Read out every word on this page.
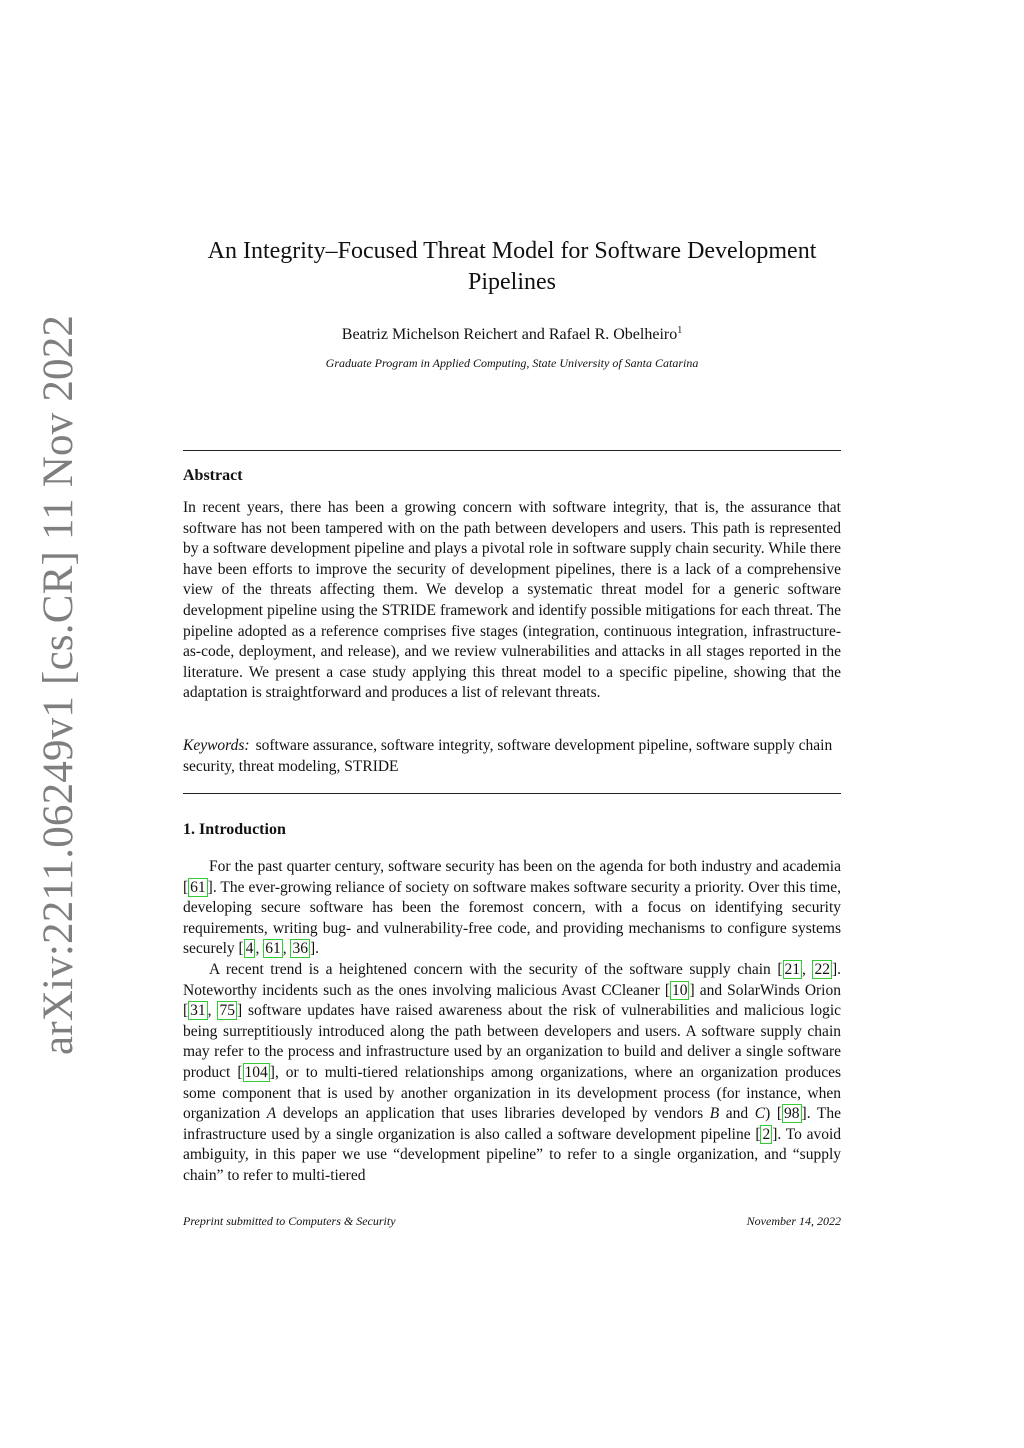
arXiv:2211.06249v1 [cs.CR] 11 Nov 2022
An Integrity–Focused Threat Model for Software Development
Pipelines
Beatriz Michelson Reichert and Rafael R. Obelheiro$^1$
Graduate Program in Applied Computing, State University of Santa Catarina
Abstract
In recent years, there has been a growing concern with software integrity, that is, the assurance that software has not been tampered with on the path between developers and users. This path is represented by a software development pipeline and plays a pivotal role in software supply chain security. While there have been efforts to improve the security of development pipelines, there is a lack of a comprehensive view of the threats affecting them. We develop a systematic threat model for a generic software development pipeline using the STRIDE framework and identify possible mitigations for each threat. The pipeline adopted as a reference comprises five stages (integration, continuous integration, infrastructure-as-code, deployment, and release), and we review vulnerabilities and attacks in all stages reported in the literature. We present a case study applying this threat model to a specific pipeline, showing that the adaptation is straightforward and produces a list of relevant threats.
Keywords: software assurance, software integrity, software development pipeline, software supply chain security, threat modeling, STRIDE
1. Introduction

For the past quarter century, software security has been on the agenda for both industry and academia [ 61 ]. The ever-growing reliance of society on software makes software security a priority. Over this time, developing secure software has been the foremost concern, with a focus on identifying security requirements, writing bug- and vulnerability-free code, and providing mechanisms to configure systems securely [ 4 , 61 , 36 ].

A recent trend is a heightened concern with the security of the software supply chain [ 21 , 22 ]. Noteworthy incidents such as the ones involving malicious Avast CCleaner [ 10 ] and SolarWinds Orion [ 31 , 75 ] software updates have raised awareness about the risk of vulnerabilities and malicious logic being surreptitiously introduced along the path between developers and users. A software supply chain may refer to the process and infrastructure used by an organization to build and deliver a single software product [ 104 ], or to multi-tiered relationships among organizations, where an organization produces some component that is used by another organization in its development process (for instance, when organization A develops an application that uses libraries developed by vendors B and C) [ 98 ]. The infrastructure used by a single organization is also called a software development pipeline [ 2 ]. To avoid ambiguity, in this paper we use “development pipeline” to refer to a single organization, and “supply chain” to refer to multi-tiered

Preprint submitted to Computers & Security	November 14, 2022
